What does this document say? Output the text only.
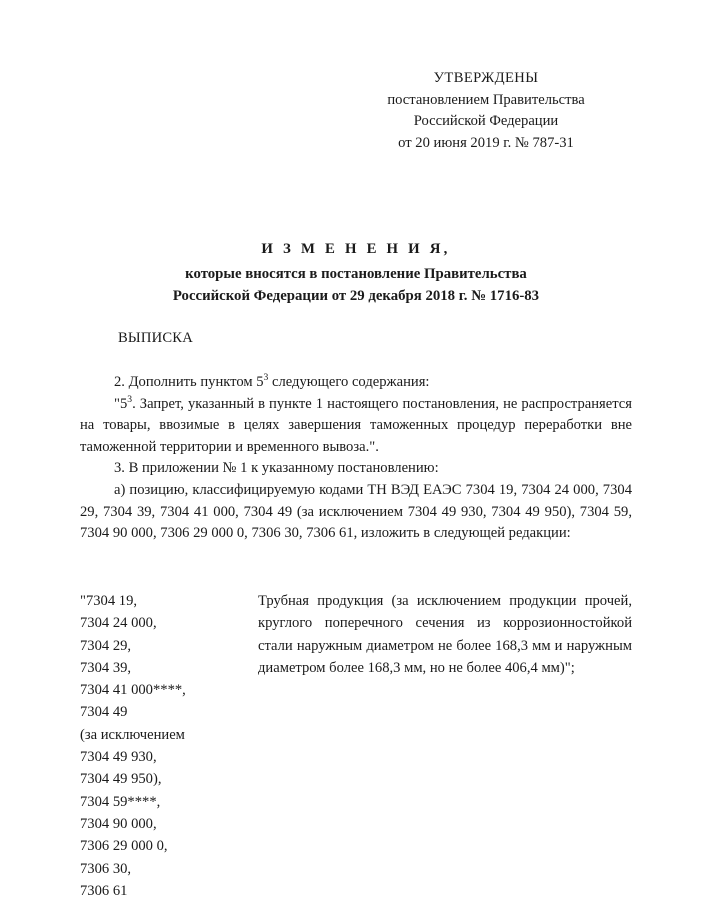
УТВЕРЖДЕНЫ
постановлением Правительства
Российской Федерации
от 20 июня 2019 г. № 787-31
И З М Е Н Е Н И Я,
которые вносятся в постановление Правительства
Российской Федерации от 29 декабря 2018 г. № 1716-83
ВЫПИСКА

2. Дополнить пунктом $5^3$ следующего содержания:

"$5^3$. Запрет, указанный в пункте 1 настоящего постановления, не распространяется на товары, ввозимые в целях завершения таможенных процедур переработки вне таможенной территории и временного вывоза.".

3. В приложении № 1 к указанному постановлению:

а) позицию, классифицируемую кодами ТН ВЭД ЕАЭС 7304 19, 7304 24 000, 7304 29, 7304 39, 7304 41 000, 7304 49 (за исключением 7304 49 930, 7304 49 950), 7304 59, 7304 90 000, 7306 29 000 0, 7306 30, 7306 61, изложить в следующей редакции:

"7304 19,
7304 24 000,
7304 29,
7304 39,
7304 41 000****,
7304 49
(за исключением
7304 49 930,
7304 49 950),
7304 59****,
7304 90 000,
7306 29 000 0,
7306 30,
7306 61
Трубная продукция (за исключением продукции прочей, круглого поперечного сечения из коррозионностойкой стали наружным диаметром не более 168,3 мм и наружным диаметром более 168,3 мм, но не более 406,4 мм)";
